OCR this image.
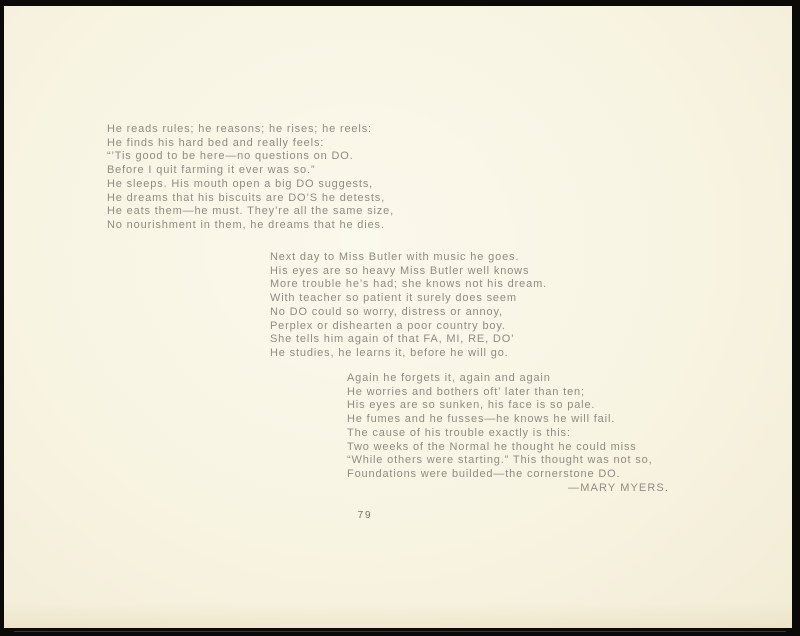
He reads rules; he reasons; he rises; he reels:
He finds his hard bed and really feels:
“’Tis good to be here—no questions on DO.
Before I quit farming it ever was so.”
He sleeps. His mouth open a big DO suggests,
He dreams that his biscuits are DO’S he detests,
He eats them—he must. They’re all the same size,
No nourishment in them, he dreams that he dies.
Next day to Miss Butler with music he goes.
His eyes are so heavy Miss Butler well knows
More trouble he’s had; she knows not his dream.
With teacher so patient it surely does seem
No DO could so worry, distress or annoy,
Perplex or dishearten a poor country boy.
She tells him again of that FA, MI, RE, DO’
He studies, he learns it, before he will go.
Again he forgets it, again and again
He worries and bothers oft’ later than ten;
His eyes are so sunken, his face is so pale.
He fumes and he fusses—he knows he will fail.
The cause of his trouble exactly is this:
Two weeks of the Normal he thought he could miss
“While others were starting.” This thought was not so,
Foundations were builded—the cornerstone DO.
—MARY MYERS.
79
